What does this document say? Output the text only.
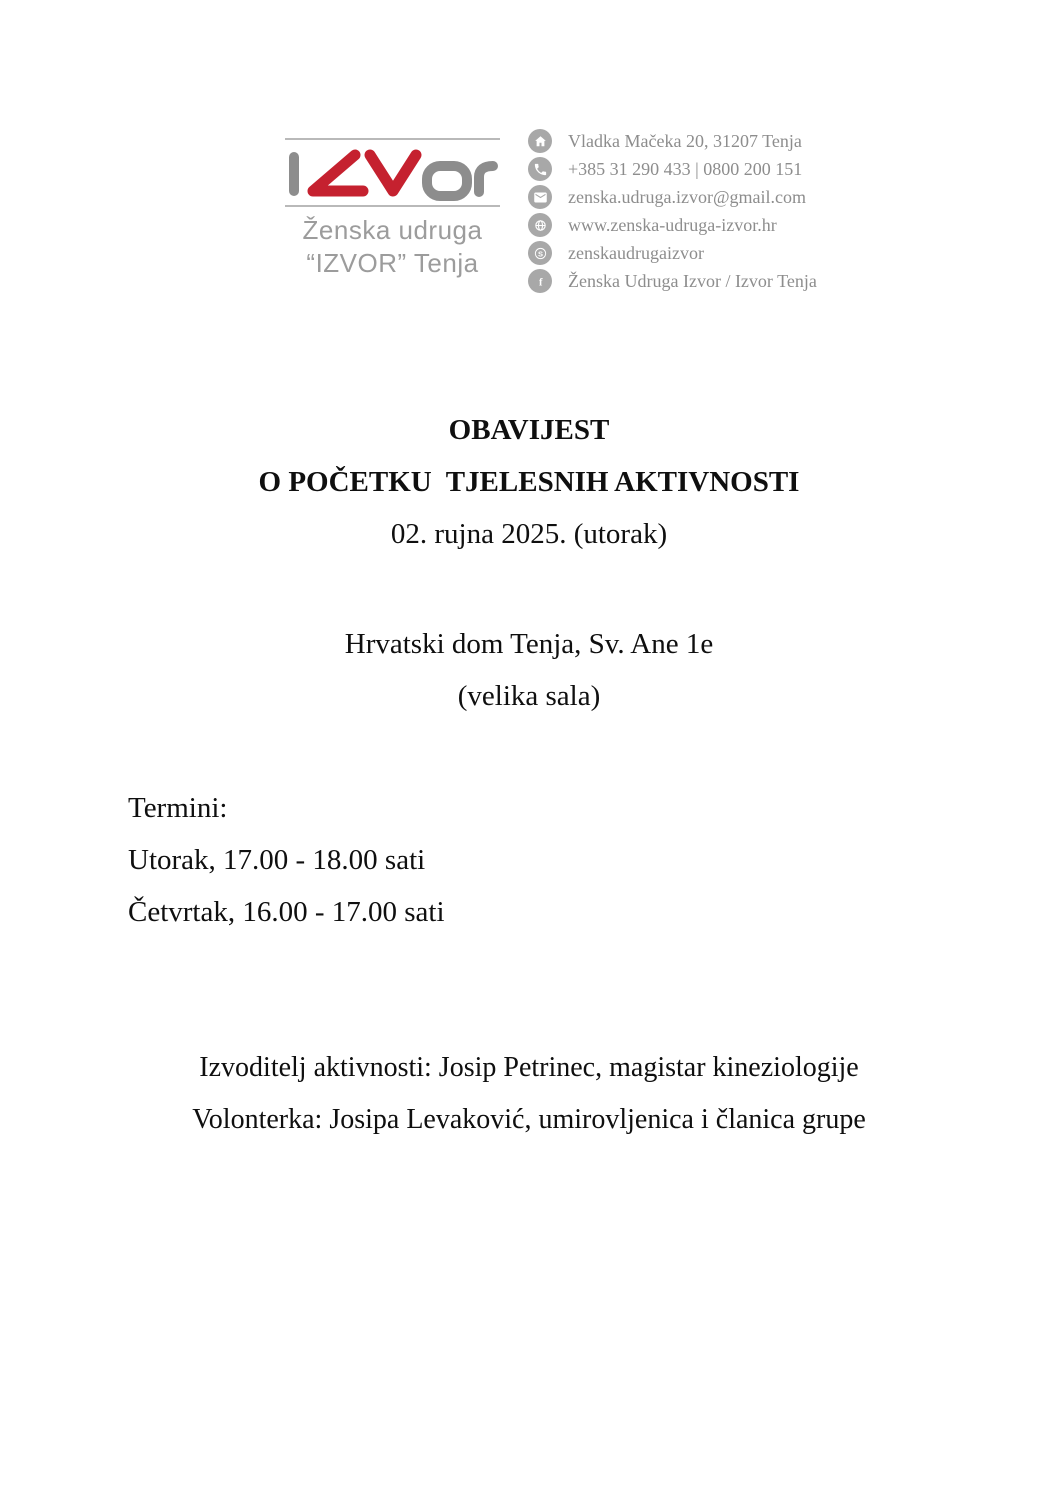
Ženska udruga
“IZVOR” Tenja
Vladka Mačeka 20, 31207 Tenja
+385 31 290 433 | 0800 200 151
zenska.udruga.izvor@gmail.com
www.zenska-udruga-izvor.hr
S zenskaudrugaizvor
f Ženska Udruga Izvor / Izvor Tenja
OBAVIJEST
O POČETKU  TJELESNIH AKTIVNOSTI
02. rujna 2025. (utorak)
Hrvatski dom Tenja, Sv. Ane 1e
(velika sala)
Termini:
Utorak, 17.00 - 18.00 sati
Četvrtak, 16.00 - 17.00 sati
Izvoditelj aktivnosti: Josip Petrinec, magistar kineziologije
Volonterka: Josipa Levaković, umirovljenica i članica grupe
